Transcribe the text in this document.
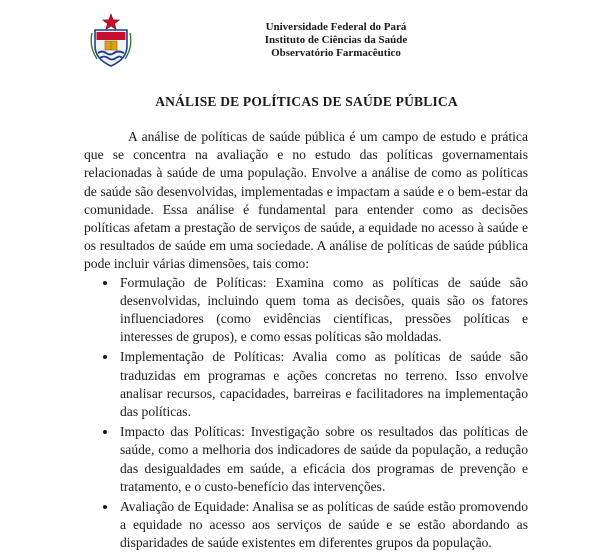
Universidade Federal do Pará
Instituto de Ciências da Saúde
Observatório Farmacêutico
ANÁLISE DE POLÍTICAS DE SAÚDE PÚBLICA

A análise de políticas de saúde pública é um campo de estudo e prática que se concentra na avaliação e no estudo das políticas governamentais relacionadas à saúde de uma população. Envolve a análise de como as políticas de saúde são desenvolvidas, implementadas e impactam a saúde e o bem-estar da comunidade. Essa análise é fundamental para entender como as decisões políticas afetam a prestação de serviços de saúde, a equidade no acesso à saúde e os resultados de saúde em uma sociedade. A análise de políticas de saúde pública pode incluir várias dimensões, tais como:

• Formulação de Políticas: Examina como as políticas de saúde são desenvolvidas, incluindo quem toma as decisões, quais são os fatores influenciadores (como evidências científicas, pressões políticas e interesses de grupos), e como essas políticas são moldadas.
• Implementação de Políticas: Avalia como as políticas de saúde são traduzidas em programas e ações concretas no terreno. Isso envolve analisar recursos, capacidades, barreiras e facilitadores na implementação das políticas.
• Impacto das Políticas: Investigação sobre os resultados das políticas de saúde, como a melhoria dos indicadores de saúde da população, a redução das desigualdades em saúde, a eficácia dos programas de prevenção e tratamento, e o custo-benefício das intervenções.
• Avaliação de Equidade: Analisa se as políticas de saúde estão promovendo a equidade no acesso aos serviços de saúde e se estão abordando as disparidades de saúde existentes em diferentes grupos da população.
